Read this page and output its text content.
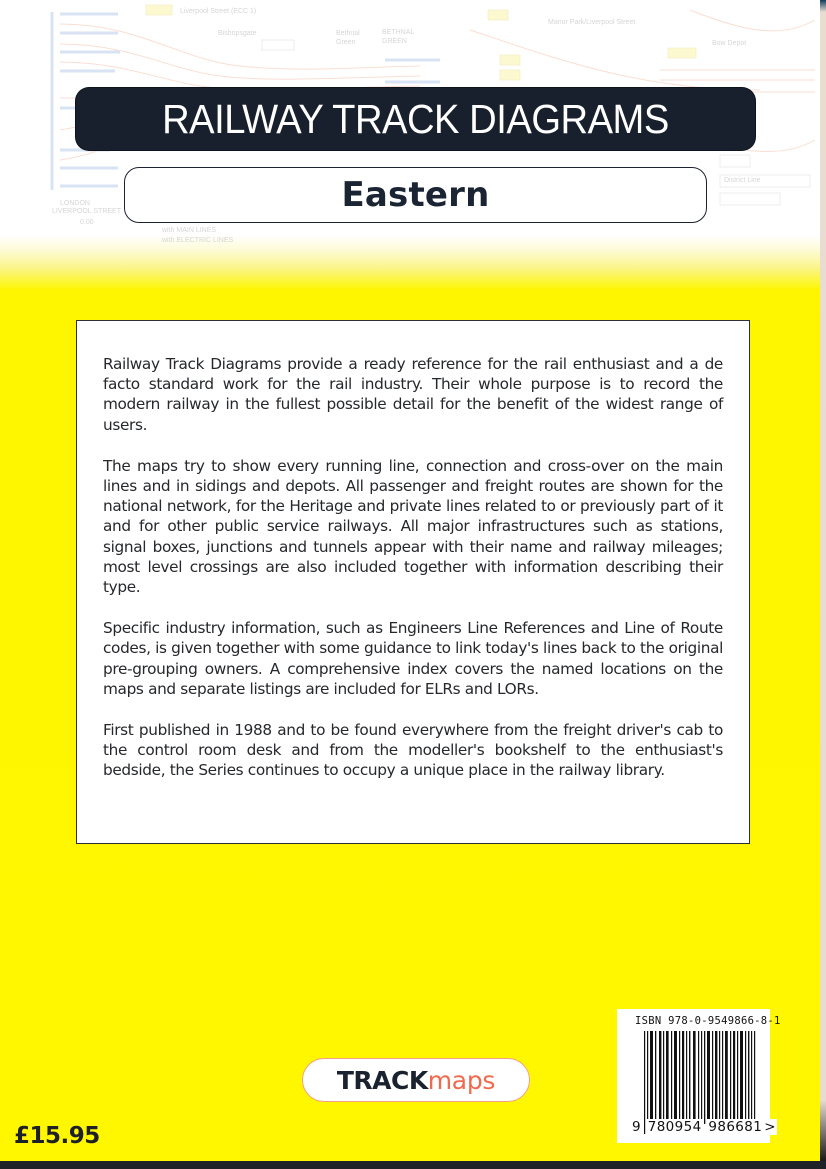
Liverpool Street (ECC 1)
Bishopsgate	Bethnal
Green
BETHNAL
GREEN
Manor Park/Liverpool Street
Bow Depot
LONDON
LIVERPOOL STREET
0.00
with MAIN LINES
with ELECTRIC LINES
District Line
RAILWAY TRACK DIAGRAMS
Eastern

Railway Track Diagrams provide a ready reference for the rail enthusiast and a de facto standard work for the rail industry. Their whole purpose is to record the modern railway in the fullest possible detail for the benefit of the widest range of users.

The maps try to show every running line, connection and cross-over on the main lines and in sidings and depots. All passenger and freight routes are shown for the national network, for the Heritage and private lines related to or previously part of it and for other public service railways. All major infrastructures such as stations, signal boxes, junctions and tunnels appear with their name and railway mileages; most level crossings are also included together with information describing their type.

Specific industry information, such as Engineers Line References and Line of Route codes, is given together with some guidance to link today's lines back to the original pre-grouping owners. A comprehensive index covers the named locations on the maps and separate listings are included for ELRs and LORs.

First published in 1988 and to be found everywhere from the freight driver's cab to the control room desk and from the modeller's bookshelf to the enthusiast's bedside, the Series continues to occupy a unique place in the railway library.

TRACK maps
£15.95
ISBN 978-0-9549866-8-1
9 780954 986681 >
